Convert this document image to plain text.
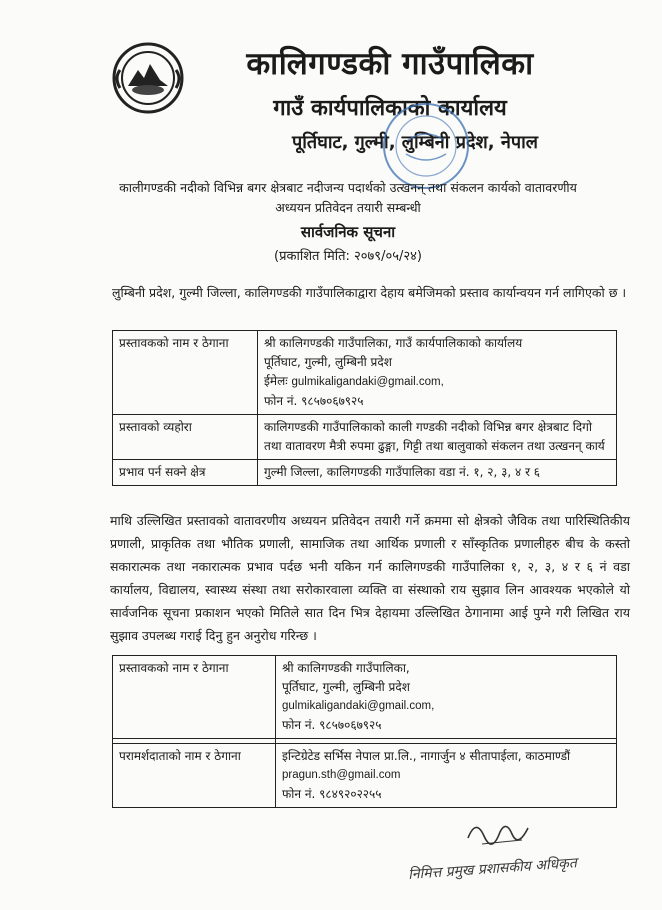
कालिगण्डकी गाउँपालिका
गाउँ कार्यपालिकाको कार्यालय
पूर्तिघाट, गुल्मी, लुम्बिनी प्रदेश, नेपाल
कालीगण्डकी नदीको विभिन्न बगर क्षेत्रबाट नदीजन्य पदार्थको उत्खनन् तथा संकलन कार्यको वातावरणीय
अध्ययन प्रतिवेदन तयारी सम्बन्धी
सार्वजनिक सूचना
(प्रकाशित मिति: २०७९/०५/२४)
लुम्बिनी प्रदेश, गुल्मी जिल्ला, कालिगण्डकी गाउँपालिकाद्वारा देहाय बमेजिमको प्रस्ताव कार्यान्वयन गर्न लागिएको छ ।
प्रस्तावकको नाम र ठेगाना	श्री कालिगण्डकी गाउँपालिका, गाउँ कार्यपालिकाको कार्यालय
पूर्तिघाट, गुल्मी, लुम्बिनी प्रदेश
ईमेलः gulmikaligandaki@gmail.com,
फोन नं. ९८५७०६७९२५

प्रस्तावको व्यहोरा	कालिगण्डकी गाउँपालिकाको काली गण्डकी नदीको विभिन्न बगर क्षेत्रबाट दिगो तथा वातावरण मैत्री रुपमा ढुङ्गा, गिट्टी तथा बालुवाको संकलन तथा उत्खनन् कार्य
प्रभाव पर्न सक्ने क्षेत्र	गुल्मी जिल्ला, कालिगण्डकी गाउँपालिका वडा नं. १, २, ३, ४ र ६
माथि उल्लिखित प्रस्तावको वातावरणीय अध्ययन प्रतिवेदन तयारी गर्ने क्रममा सो क्षेत्रको जैविक तथा पारिस्थितिकीय प्रणाली, प्राकृतिक तथा भौतिक प्रणाली, सामाजिक तथा आर्थिक प्रणाली र साँस्कृतिक प्रणालीहरु बीच के कस्तो सकारात्मक तथा नकारात्मक प्रभाव पर्दछ भनी यकिन गर्न कालिगण्डकी गाउँपालिका १, २, ३, ४ र ६ नं वडा कार्यालय, विद्यालय, स्वास्थ्य संस्था तथा सरोकारवाला व्यक्ति वा संस्थाको राय सुझाव लिन आवश्यक भएकोले यो सार्वजनिक सूचना प्रकाशन भएको मितिले सात दिन भित्र देहायमा उल्लिखित ठेगानामा आई पुग्ने गरी लिखित राय सुझाव उपलब्ध गराई दिनु हुन अनुरोध गरिन्छ ।
प्रस्तावकको नाम र ठेगाना	श्री कालिगण्डकी गाउँपालिका,
पूर्तिघाट, गुल्मी, लुम्बिनी प्रदेश
gulmikaligandaki@gmail.com,
फोन नं. ९८५७०६७९२५

परामर्शदाताको नाम र ठेगाना	इन्टिग्रेटेड सर्भिस नेपाल प्रा.लि., नागार्जुन ४ सीतापाईला, काठमाण्डौं
pragun.sth@gmail.com
फोन नं. ९८४९२०२२५५
निमित्त प्रमुख प्रशासकीय अधिकृत
